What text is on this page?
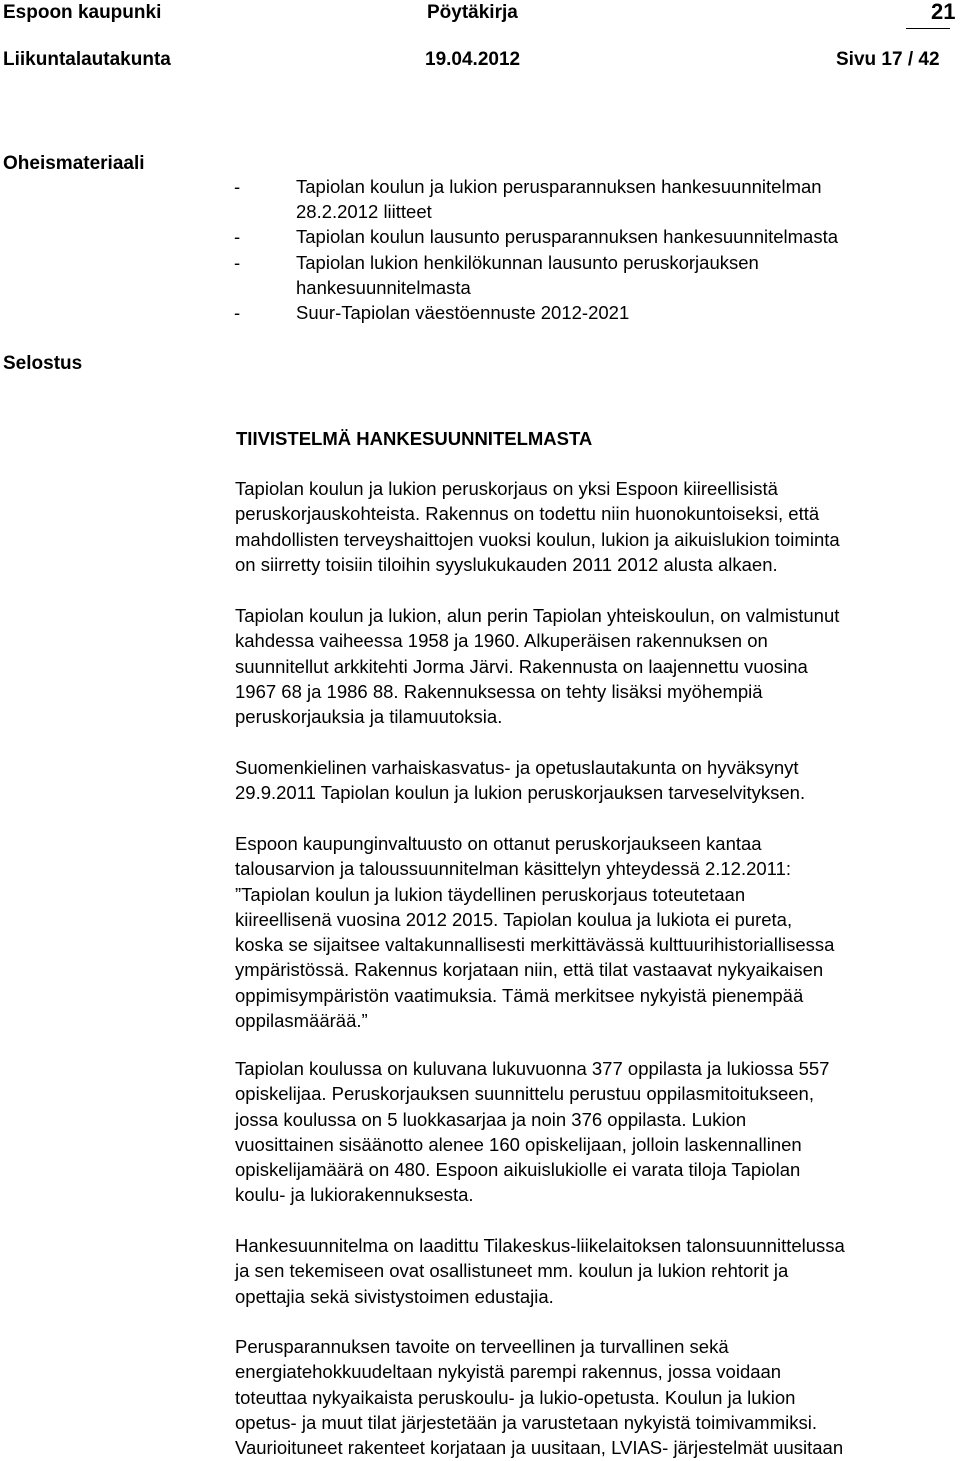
Espoon kaupunki	Pöytäkirja	21
Liikuntalautakunta	19.04.2012	Sivu 17 / 42
Oheismateriaali
-	Tapiolan koulun ja lukion perusparannuksen hankesuunnitelman
28.2.2012 liitteet
-	Tapiolan koulun lausunto perusparannuksen hankesuunnitelmasta
-	Tapiolan lukion henkilökunnan lausunto peruskorjauksen
hankesuunnitelmasta
-	Suur-Tapiolan väestöennuste 2012-2021
Selostus
TIIVISTELMÄ HANKESUUNNITELMASTA
Tapiolan koulun ja lukion peruskorjaus on yksi Espoon kiireellisistä
peruskorjauskohteista. Rakennus on todettu niin huonokuntoiseksi, että
mahdollisten terveyshaittojen vuoksi koulun, lukion ja aikuislukion toiminta
on siirretty toisiin tiloihin syyslukukauden 2011 2012 alusta alkaen.
Tapiolan koulun ja lukion, alun perin Tapiolan yhteiskoulun, on valmistunut
kahdessa vaiheessa 1958 ja 1960. Alkuperäisen rakennuksen on
suunnitellut arkkitehti Jorma Järvi. Rakennusta on laajennettu vuosina
1967 68 ja 1986 88. Rakennuksessa on tehty lisäksi myöhempiä
peruskorjauksia ja tilamuutoksia.
Suomenkielinen varhaiskasvatus- ja opetuslautakunta on hyväksynyt
29.9.2011 Tapiolan koulun ja lukion peruskorjauksen tarveselvityksen.
Espoon kaupunginvaltuusto on ottanut peruskorjaukseen kantaa
talousarvion ja taloussuunnitelman käsittelyn yhteydessä 2.12.2011:
”Tapiolan koulun ja lukion täydellinen peruskorjaus toteutetaan
kiireellisenä vuosina 2012 2015. Tapiolan koulua ja lukiota ei pureta,
koska se sijaitsee valtakunnallisesti merkittävässä kulttuurihistoriallisessa
ympäristössä. Rakennus korjataan niin, että tilat vastaavat nykyaikaisen
oppimisympäristön vaatimuksia. Tämä merkitsee nykyistä pienempää
oppilasmäärää.”
Tapiolan koulussa on kuluvana lukuvuonna 377 oppilasta ja lukiossa 557
opiskelijaa. Peruskorjauksen suunnittelu perustuu oppilasmitoitukseen,
jossa koulussa on 5 luokkasarjaa ja noin 376 oppilasta. Lukion
vuosittainen sisäänotto alenee 160 opiskelijaan, jolloin laskennallinen
opiskelijamäärä on 480. Espoon aikuislukiolle ei varata tiloja Tapiolan
koulu- ja lukiorakennuksesta.
Hankesuunnitelma on laadittu Tilakeskus-liikelaitoksen talonsuunnittelussa
ja sen tekemiseen ovat osallistuneet mm. koulun ja lukion rehtorit ja
opettajia sekä sivistystoimen edustajia.
Perusparannuksen tavoite on terveellinen ja turvallinen sekä
energiatehokkuudeltaan nykyistä parempi rakennus, jossa voidaan
toteuttaa nykyaikaista peruskoulu- ja lukio-opetusta. Koulun ja lukion
opetus- ja muut tilat järjestetään ja varustetaan nykyistä toimivammiksi.
Vaurioituneet rakenteet korjataan ja uusitaan, LVIAS- järjestelmät uusitaan
